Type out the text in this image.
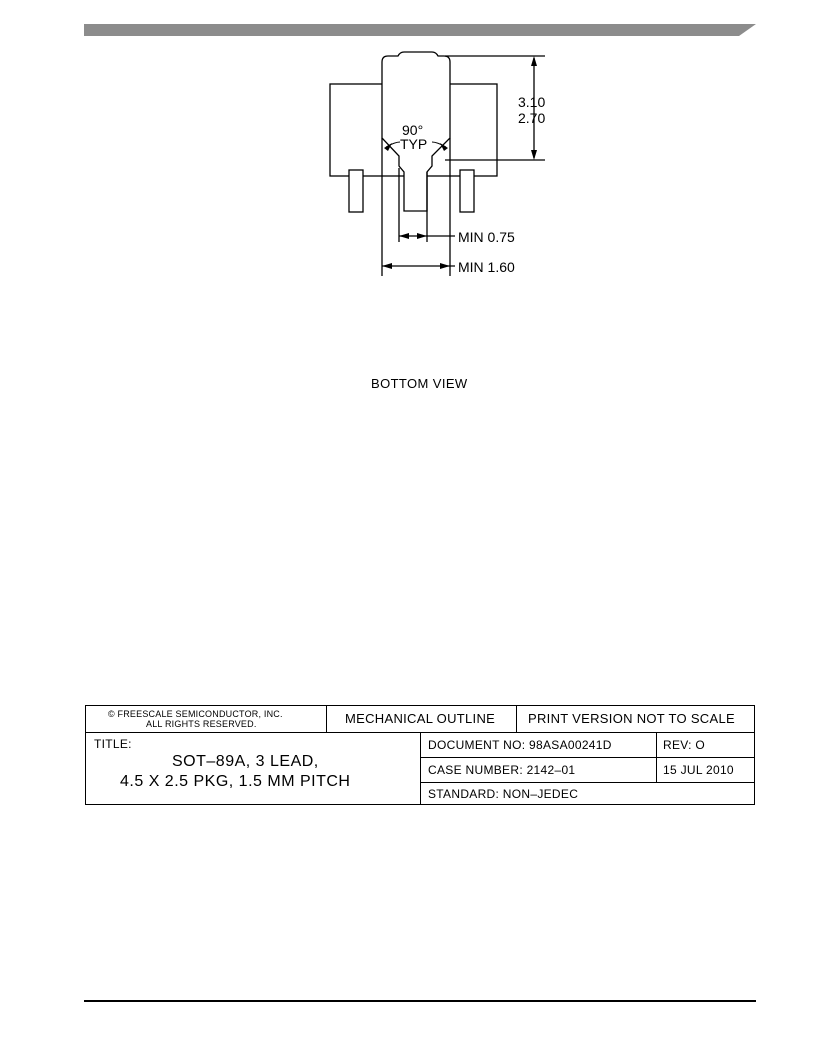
3.10
2.70
90°
TYP
MIN 0.75
MIN 1.60
BOTTOM VIEW
© FREESCALE SEMICONDUCTOR, INC.
ALL RIGHTS RESERVED.	MECHANICAL OUTLINE	PRINT VERSION NOT TO SCALE
TITLE:
SOT–89A, 3 LEAD,
4.5 X 2.5 PKG, 1.5 MM PITCH
DOCUMENT NO: 98ASA00241D	REV: O
CASE NUMBER: 2142–01	15 JUL 2010
STANDARD: NON–JEDEC
